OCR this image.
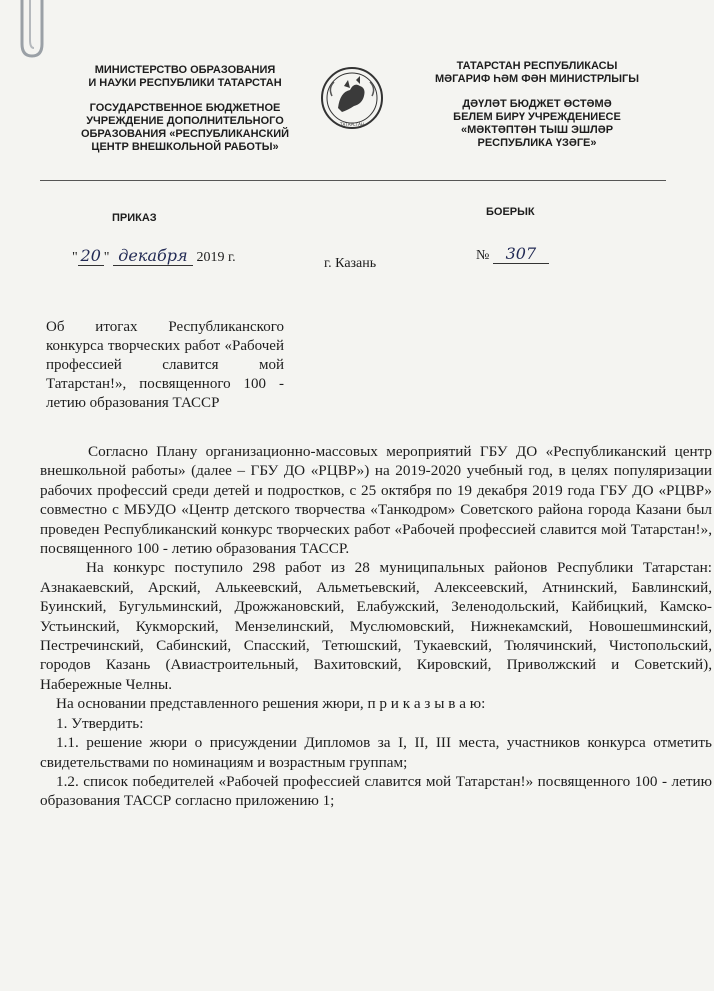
МИНИСТЕРСТВО ОБРАЗОВАНИЯ
И НАУКИ РЕСПУБЛИКИ ТАТАРСТАН
ГОСУДАРСТВЕННОЕ БЮДЖЕТНОЕ
УЧРЕЖДЕНИЕ ДОПОЛНИТЕЛЬНОГО
ОБРАЗОВАНИЯ «РЕСПУБЛИКАНСКИЙ
ЦЕНТР ВНЕШКОЛЬНОЙ РАБОТЫ»
ТАТАРСТАН
ТАТАРСТАН РЕСПУБЛИКАСЫ
МӘГАРИФ ҺӘМ ФӘН МИНИСТРЛЫГЫ
ДӘҮЛӘТ БЮДЖЕТ ӨСТӘМӘ
БЕЛЕМ БИРҮ УЧРЕЖДЕНИЕСЕ
«МӘКТӘПТӘН ТЫШ ЭШЛӘР
РЕСПУБЛИКА ҮЗӘГЕ»
ПРИКАЗ	БОЕРЫК
" 20 " декабря 2019 г.	г. Казань
№ 307
Об итогах Республиканского конкурса творческих работ «Рабочей профессией славится мой Татарстан!», посвященного 100 - летию образования ТАССР

Согласно Плану организационно-массовых мероприятий ГБУ ДО «Республиканский центр внешкольной работы» (далее – ГБУ ДО «РЦВР») на 2019-2020 учебный год, в целях популяризации рабочих профессий среди детей и подростков, с 25 октября по 19 декабря 2019 года ГБУ ДО «РЦВР» совместно с МБУДО «Центр детского творчества «Танкодром» Советского района города Казани был проведен Республиканский конкурс творческих работ «Рабочей профессией славится мой Татарстан!», посвященного 100 - летию образования ТАССР.

На конкурс поступило 298 работ из 28 муниципальных районов Республики Татарстан: Азнакаевский, Арский, Алькеевский, Альметьевский, Алексеевский, Атнинский, Бавлинский, Буинский, Бугульминский, Дрожжановский, Елабужский, Зеленодольский, Кайбицкий, Камско-Устьинский, Кукморский, Мензелинский, Муслюмовский, Нижнекамский, Новошешминский, Пестречинский, Сабинский, Спасский, Тетюшский, Тукаевский, Тюлячинский, Чистопольский, городов Казань (Авиастроительный, Вахитовский, Кировский, Приволжский и Советский), Набережные Челны.

На основании представленного решения жюри, п р и к а з ы в а ю:

1. Утвердить:

1.1. решение жюри о присуждении Дипломов за I, II, III места, участников конкурса отметить свидетельствами по номинациям и возрастным группам;

1.2. список победителей «Рабочей профессией славится мой Татарстан!» посвященного 100 - летию образования ТАССР согласно приложению 1;
